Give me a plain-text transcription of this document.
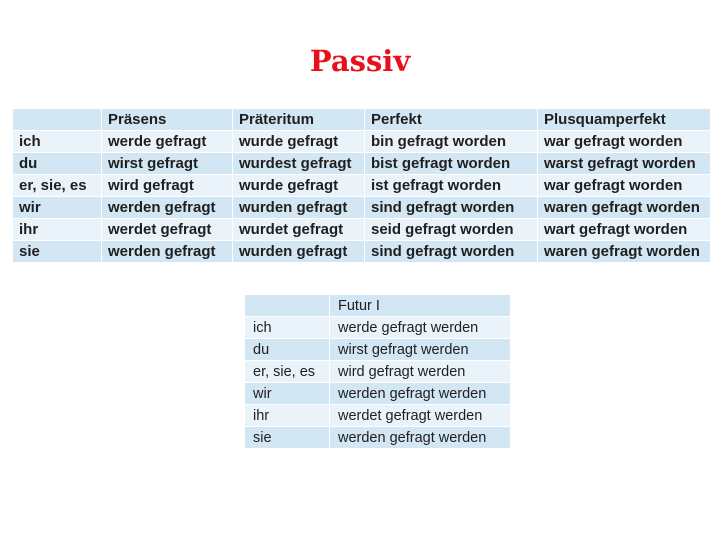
Passiv
	Präsens	Präteritum	Perfekt	Plusquamperfekt
ich	werde gefragt	wurde gefragt	bin gefragt worden	war gefragt worden
du	wirst gefragt	wurdest gefragt	bist gefragt worden	warst gefragt worden
er, sie, es	wird gefragt	wurde gefragt	ist gefragt worden	war gefragt worden
wir	werden gefragt	wurden gefragt	sind gefragt worden	waren gefragt worden
ihr	werdet gefragt	wurdet gefragt	seid gefragt worden	wart gefragt worden
sie	werden gefragt	wurden gefragt	sind gefragt worden	waren gefragt worden
	Futur I
ich	werde gefragt werden
du	wirst gefragt werden
er, sie, es	wird gefragt werden
wir	werden gefragt werden
ihr	werdet gefragt werden
sie	werden gefragt werden
